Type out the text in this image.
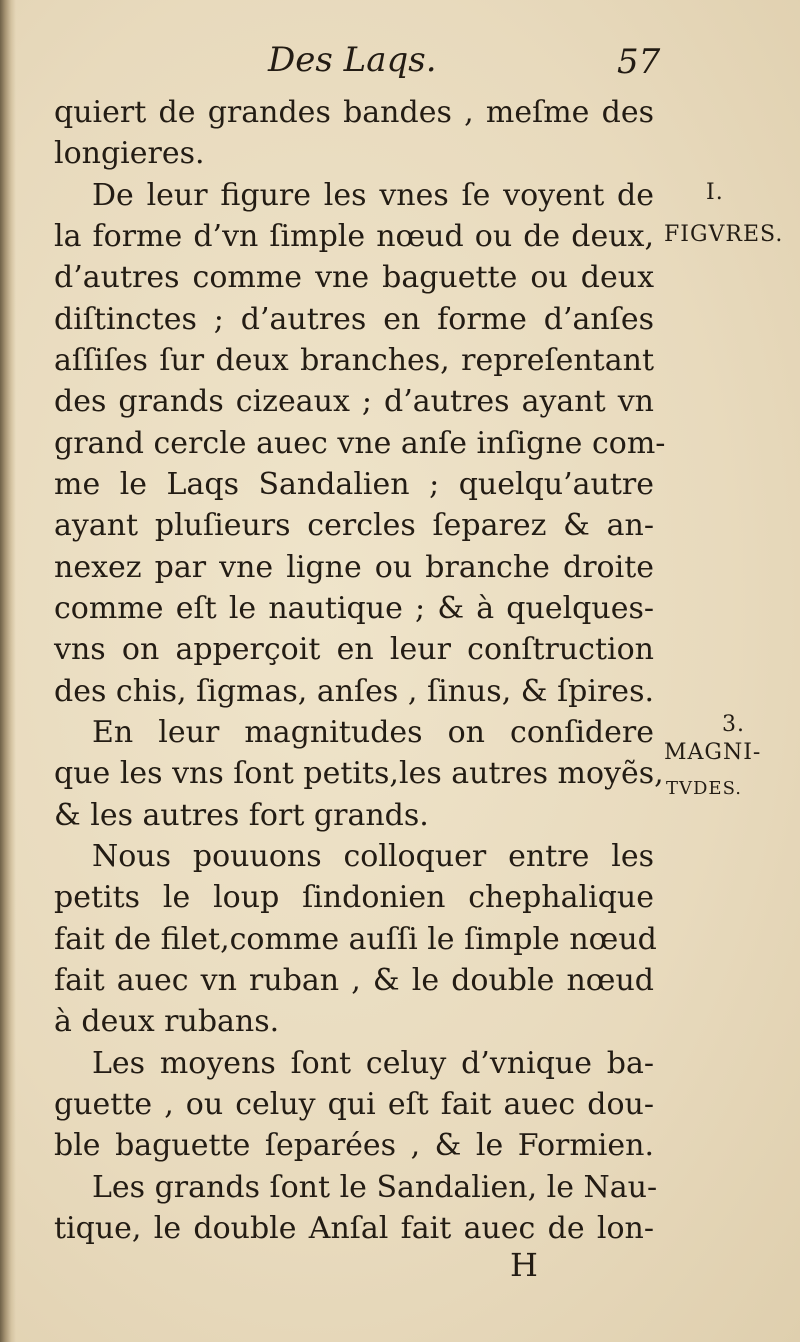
Des Laqs.	57
quiert de grandes bandes , meſme des
longieres.
De leur figure les vnes ſe voyent de
la forme d’vn ſimple nœud ou de deux,
d’autres comme vne baguette ou deux
diſtinctes ; d’autres en forme d’anſes
aſſiſes ſur deux branches, repreſentant
des grands cizeaux ; d’autres ayant vn
grand cercle auec vne anſe inſigne com-
me le Laqs Sandalien ; quelqu’autre
ayant pluſieurs cercles ſeparez & an-
nexez par vne ligne ou branche droite
comme eſt le nautique ; & à quelques-
vns on apperçoit en leur conſtruction
des chis, ſigmas, anſes , ſinus, & ſpires.
En leur magnitudes on conſidere
que les vns ſont petits,les autres moyẽs,
& les autres fort grands.
Nous pouuons colloquer entre les
petits le loup ſindonien chephalique
fait de filet,comme auſſi le ſimple nœud
fait auec vn ruban , & le double nœud
à deux rubans.
Les moyens ſont celuy d’vnique ba-
guette , ou celuy qui eſt fait auec dou-
ble baguette ſeparées , & le Formien.
Les grands ſont le Sandalien, le Nau-
tique, le double Anſal fait auec de lon-
I.
FIGVRES.
3.
MAGNI-
TVDES.
H
